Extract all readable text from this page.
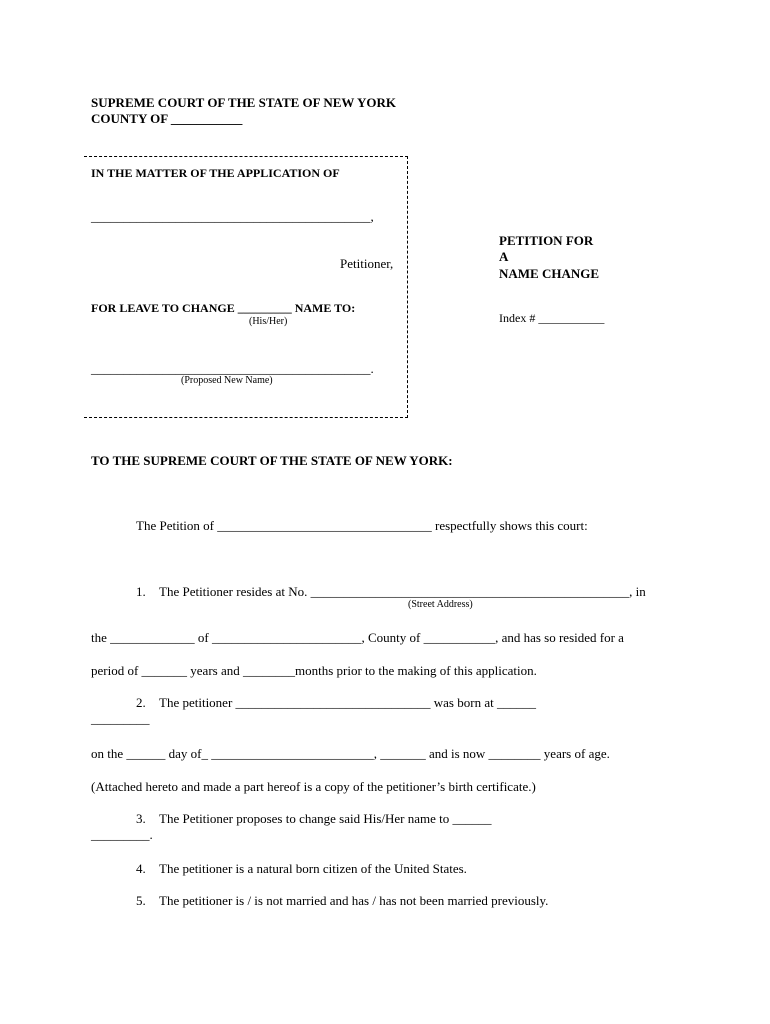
SUPREME COURT OF THE STATE OF NEW YORK
COUNTY OF ___________
IN THE MATTER OF THE APPLICATION OF
___________________________________________,
Petitioner,
FOR LEAVE TO CHANGE _________ NAME TO:
(His/Her)
___________________________________________.
(Proposed New Name)
PETITION FOR
A
NAME CHANGE
Index # ___________
TO THE SUPREME COURT OF THE STATE OF NEW YORK:
The Petition of _________________________________ respectfully shows this court:
1. The Petitioner resides at No. _________________________________________________, in
(Street Address)
the _____________ of _______________________, County of ___________, and has so resided for a
period of _______ years and ________months prior to the making of this application.
2. The petitioner ______________________________ was born at ______
_________
on the ______ day of_ _________________________, _______ and is now ________ years of age.
(Attached hereto and made a part hereof is a copy of the petitioner’s birth certificate.)
3. The Petitioner proposes to change said His/Her name to ______
_________.
4. The petitioner is a natural born citizen of the United States.
5. The petitioner is / is not married and has / has not been married previously.
